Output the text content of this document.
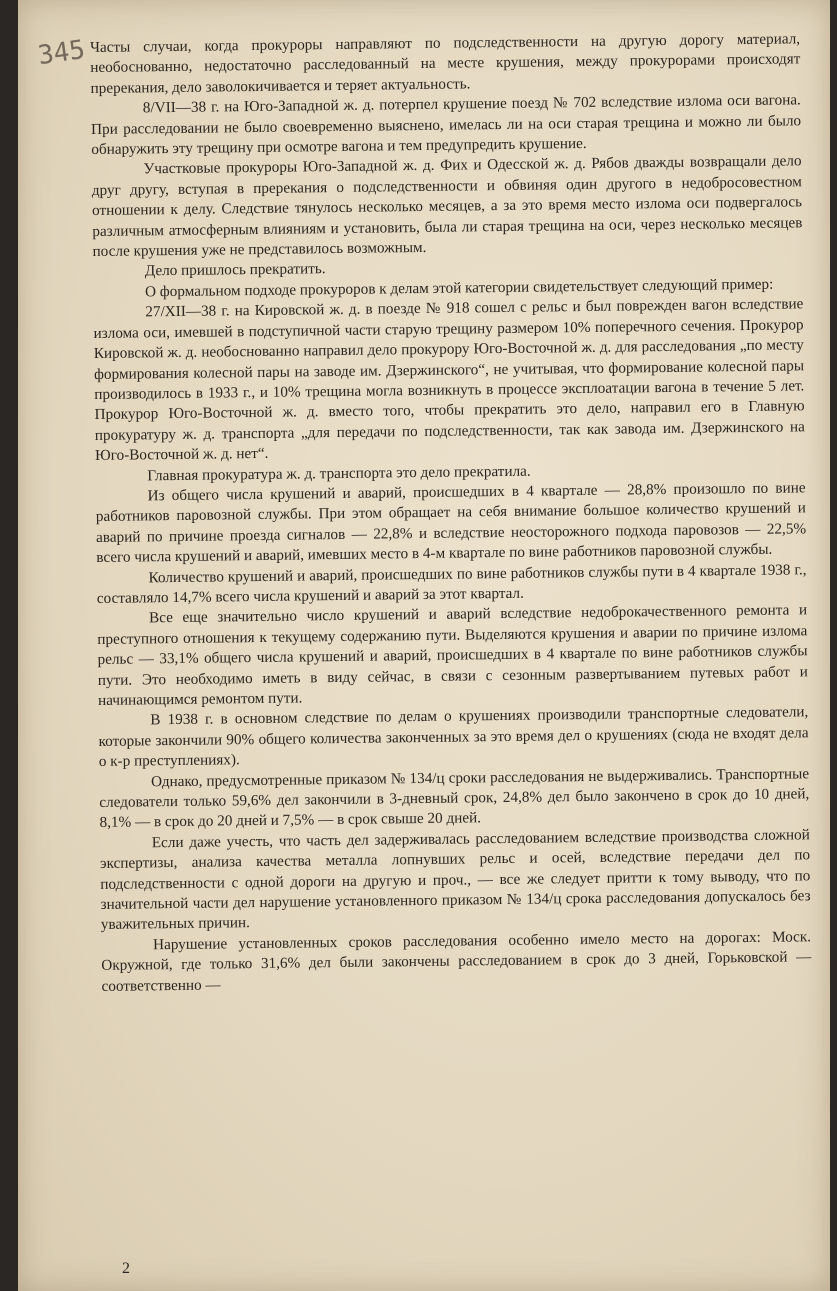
345 Часты случаи, когда прокуроры направляют по подследственности на другую дорогу материал, необоснованно, недостаточно расследованный на месте крушения, между прокурорами происходят пререкания, дело заволокичивается и теряет актуальность.

8/VII—38 г. на Юго-Западной ж. д. потерпел крушение поезд № 702 вследствие излома оси вагона. При расследовании не было своевременно выяснено, имелась ли на оси старая трещина и можно ли было обнаружить эту трещину при осмотре вагона и тем предупредить крушение.

Участковые прокуроры Юго-Западной ж. д. Фих и Одесской ж. д. Рябов дважды возвращали дело друг другу, вступая в пререкания о подследственности и обвиняя один другого в недобросовестном отношении к делу. Следствие тянулось несколько месяцев, а за это время место излома оси подвергалось различным атмосферным влияниям и установить, была ли старая трещина на оси, через несколько месяцев после крушения уже не представилось возможным.

Дело пришлось прекратить.

О формальном подходе прокуроров к делам этой категории свидетельствует следующий пример:

27/XII—38 г. на Кировской ж. д. в поезде № 918 сошел с рельс и был поврежден вагон вследствие излома оси, имевшей в подступичной части старую трещину размером 10% поперечного сечения. Прокурор Кировской ж. д. необоснованно направил дело прокурору Юго-Восточной ж. д. для расследования „по месту формирования колесной пары на заводе им. Дзержинского“, не учитывая, что формирование колесной пары производилось в 1933 г., и 10% трещина могла возникнуть в процессе эксплоатации вагона в течение 5 лет. Прокурор Юго-Восточной ж. д. вместо того, чтобы прекратить это дело, направил его в Главную прокуратуру ж. д. транспорта „для передачи по подследственности, так как завода им. Дзержинского на Юго-Восточной ж. д. нет“.

Главная прокуратура ж. д. транспорта это дело прекратила.

Из общего числа крушений и аварий, происшедших в 4 квартале — 28,8% произошло по вине работников паровозной службы. При этом обращает на себя внимание большое количество крушений и аварий по причине проезда сигналов — 22,8% и вследствие неосторожного подхода паровозов — 22,5% всего числа крушений и аварий, имевших место в 4-м квартале по вине работников паровозной службы.

Количество крушений и аварий, происшедших по вине работников службы пути в 4 квартале 1938 г., составляло 14,7% всего числа крушений и аварий за этот квартал.

Все еще значительно число крушений и аварий вследствие недоброкачественного ремонта и преступного отношения к текущему содержанию пути. Выделяются крушения и аварии по причине излома рельс — 33,1% общего числа крушений и аварий, происшедших в 4 квартале по вине работников службы пути. Это необходимо иметь в виду сейчас, в связи с сезонным развертыванием путевых работ и начинающимся ремонтом пути.

В 1938 г. в основном следствие по делам о крушениях производили транспортные следователи, которые закончили 90% общего количества законченных за это время дел о крушениях (сюда не входят дела о к-р преступлениях).

Однако, предусмотренные приказом № 134/ц сроки расследования не выдерживались. Транспортные следователи только 59,6% дел закончили в 3-дневный срок, 24,8% дел было закончено в срок до 10 дней, 8,1% — в срок до 20 дней и 7,5% — в срок свыше 20 дней.

Если даже учесть, что часть дел задерживалась расследованием вследствие производства сложной экспертизы, анализа качества металла лопнувших рельс и осей, вследствие передачи дел по подследственности с одной дороги на другую и проч., — все же следует притти к тому выводу, что по значительной части дел нарушение установленного приказом № 134/ц срока расследования допускалось без уважительных причин.

Нарушение установленных сроков расследования особенно имело место на дорогах: Моск. Окружной, где только 31,6% дел были закончены расследованием в срок до 3 дней, Горьковской — соответственно —

2
